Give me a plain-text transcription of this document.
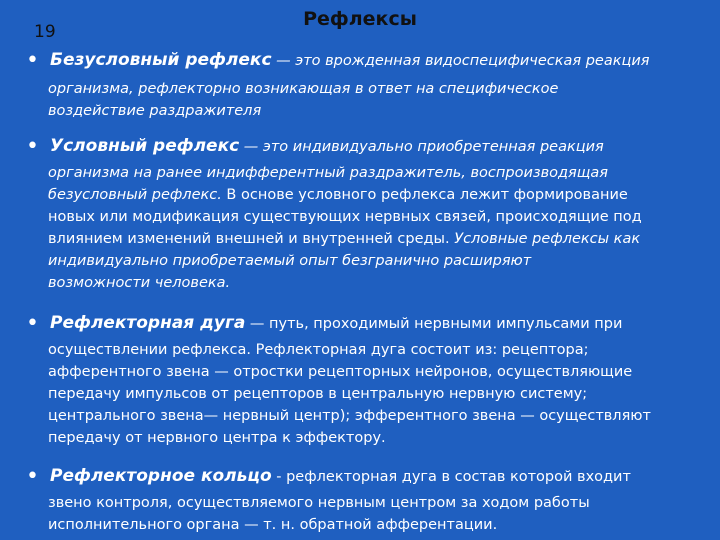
19
Рефлексы
• Безусловный рефлекс — это врожденная видоспецифическая реакция
организма, рефлекторно возникающая в ответ на специфическое
воздействие раздражителя
• Условный рефлекс — это индивидуально приобретенная реакция
организма на ранее индифферентный раздражитель, воспроизводящая
безусловный рефлекс. В основе условного рефлекса лежит формирование
новых или модификация существующих нервных связей, происходящие под
влиянием изменений внешней и внутренней среды. Условные рефлексы как
индивидуально приобретаемый опыт безгранично расширяют
возможности человека.
• Рефлекторная дуга — путь, проходимый нервными импульсами при
осуществлении рефлекса. Рефлекторная дуга состоит из: рецептора;
афферентного звена — отростки рецепторных нейронов, осуществляющие
передачу импульсов от рецепторов в центральную нервную систему;
центрального звена— нервный центр); эфферентного звена — осуществляют
передачу от нервного центра к эффектору.
• Рефлекторное кольцо - рефлекторная дуга в состав которой входит
звено контроля, осуществляемого нервным центром за ходом работы
исполнительного органа — т. н. обратной афферентации.
